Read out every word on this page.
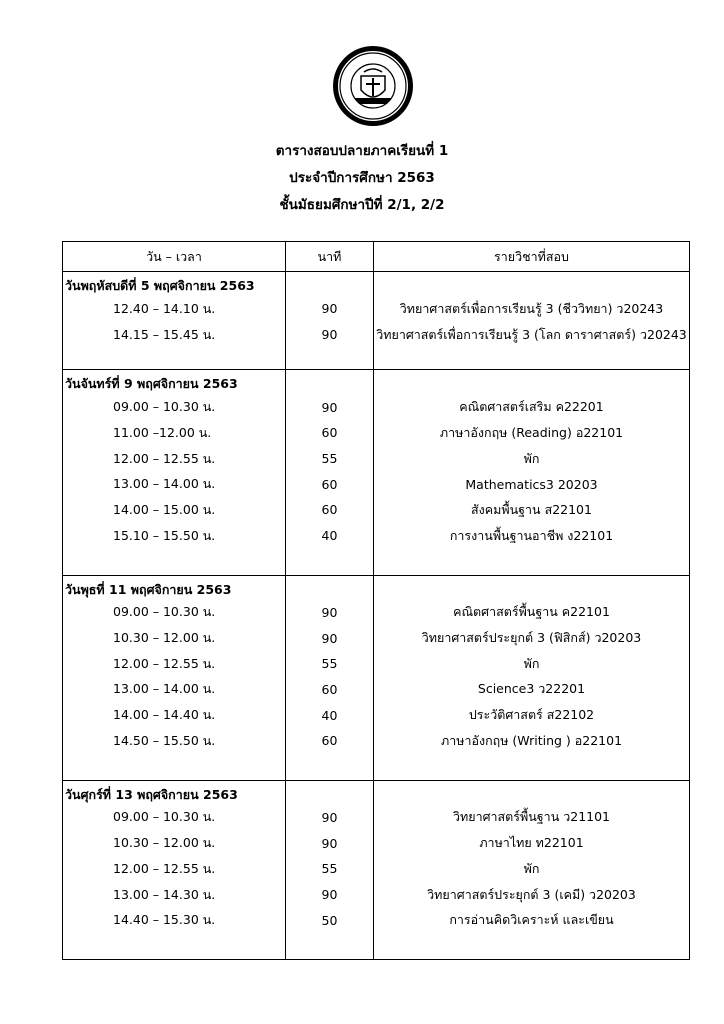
ตารางสอบปลายภาคเรียนที่ 1
ประจำปีการศึกษา 2563
ชั้นมัธยมศึกษาปีที่ 2/1, 2/2
วัน – เวลา	นาที	รายวิชาที่สอบ
วันพฤหัสบดีที่ 5 พฤศจิกายน 2563		
12.40 – 14.10 น.	90	วิทยาศาสตร์เพื่อการเรียนรู้ 3 (ชีววิทยา) ว20243
14.15 – 15.45 น.	90	วิทยาศาสตร์เพื่อการเรียนรู้ 3 (โลก ดาราศาสตร์) ว20243

วันจันทร์ที่ 9 พฤศจิกายน 2563		
09.00 – 10.30 น.	90	คณิตศาสตร์เสริม ค22201
11.00 –12.00 น.	60	ภาษาอังกฤษ (Reading) อ22101
12.00 – 12.55 น.	55	พัก
13.00 – 14.00 น.	60	Mathematics3 20203
14.00 – 15.00 น.	60	สังคมพื้นฐาน ส22101
15.10 – 15.50 น.	40	การงานพื้นฐานอาชีพ ง22101

วันพุธที่ 11 พฤศจิกายน 2563		
09.00 – 10.30 น.	90	คณิตศาสตร์พื้นฐาน ค22101
10.30 – 12.00 น.	90	วิทยาศาสตร์ประยุกต์ 3 (ฟิสิกส์) ว20203
12.00 – 12.55 น.	55	พัก
13.00 – 14.00 น.	60	Science3 ว22201
14.00 – 14.40 น.	40	ประวัติศาสตร์ ส22102
14.50 – 15.50 น.	60	ภาษาอังกฤษ (Writing ) อ22101

วันศุกร์ที่ 13 พฤศจิกายน 2563		
09.00 – 10.30 น.	90	วิทยาศาสตร์พื้นฐาน ว21101
10.30 – 12.00 น.	90	ภาษาไทย ท22101
12.00 – 12.55 น.	55	พัก
13.00 – 14.30 น.	90	วิทยาศาสตร์ประยุกต์ 3 (เคมี) ว20203
14.40 – 15.30 น.	50	การอ่านคิดวิเคราะห์ และเขียน
